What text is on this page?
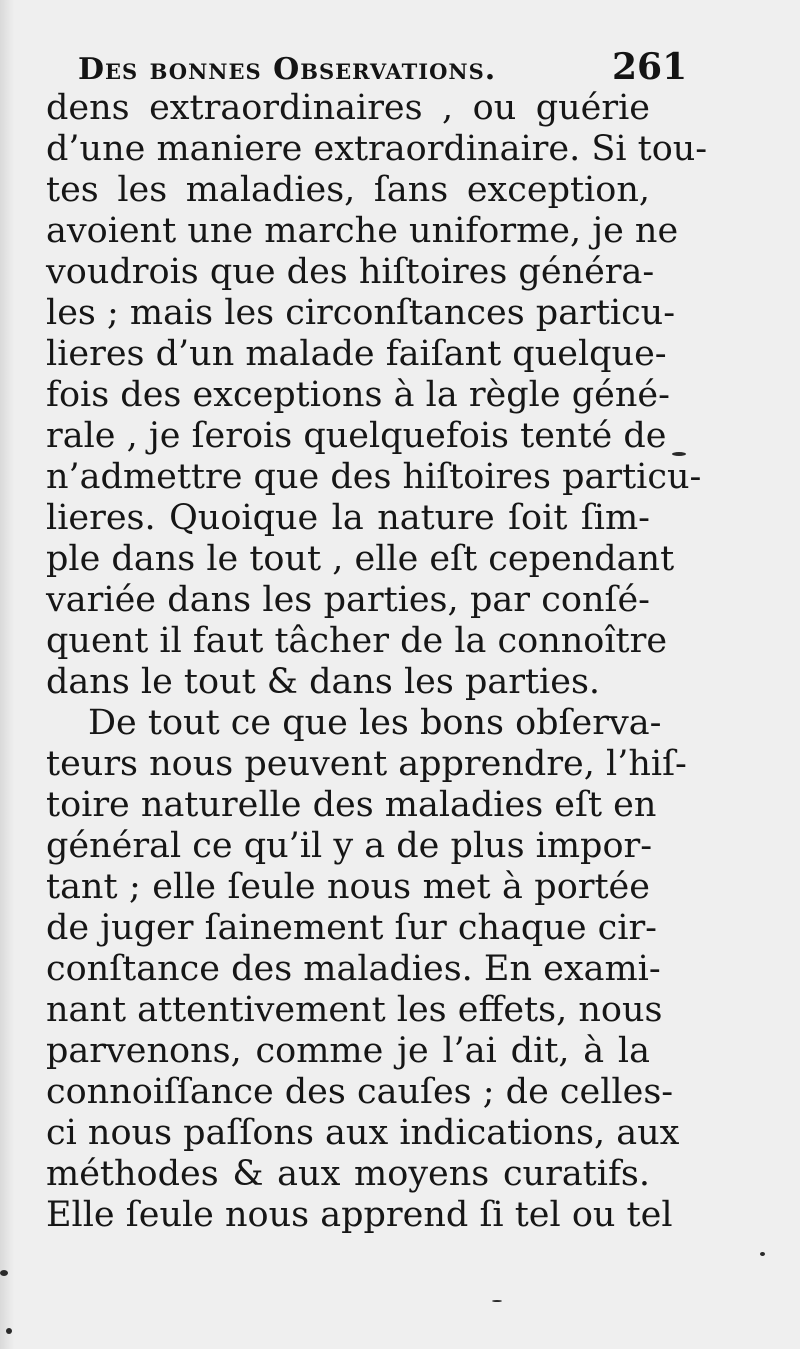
Des bonnes Observations.	261
dens extraordinaires , ou guérie
d’une maniere extraordinaire. Si tou-
tes les maladies, ſans exception,
avoient une marche uniforme, je ne
voudrois que des hiſtoires généra-
les ; mais les circonſtances particu-
lieres d’un malade faiſant quelque-
fois des exceptions à la règle géné-
rale , je ſerois quelquefois tenté de
n’admettre que des hiſtoires particu-
lieres. Quoique la nature ſoit ſim-
ple dans le tout , elle eſt cependant
variée dans les parties, par conſé-
quent il faut tâcher de la connoître
dans le tout & dans les parties.
De tout ce que les bons obſerva-
teurs nous peuvent apprendre, l’hiſ-
toire naturelle des maladies eſt en
général ce qu’il y a de plus impor-
tant ; elle ſeule nous met à portée
de juger ſainement ſur chaque cir-
conſtance des maladies. En exami-
nant attentivement les effets, nous
parvenons, comme je l’ai dit, à la
connoiſſance des cauſes ; de celles-
ci nous paſſons aux indications, aux
méthodes & aux moyens curatifs.
Elle ſeule nous apprend ſi tel ou tel
